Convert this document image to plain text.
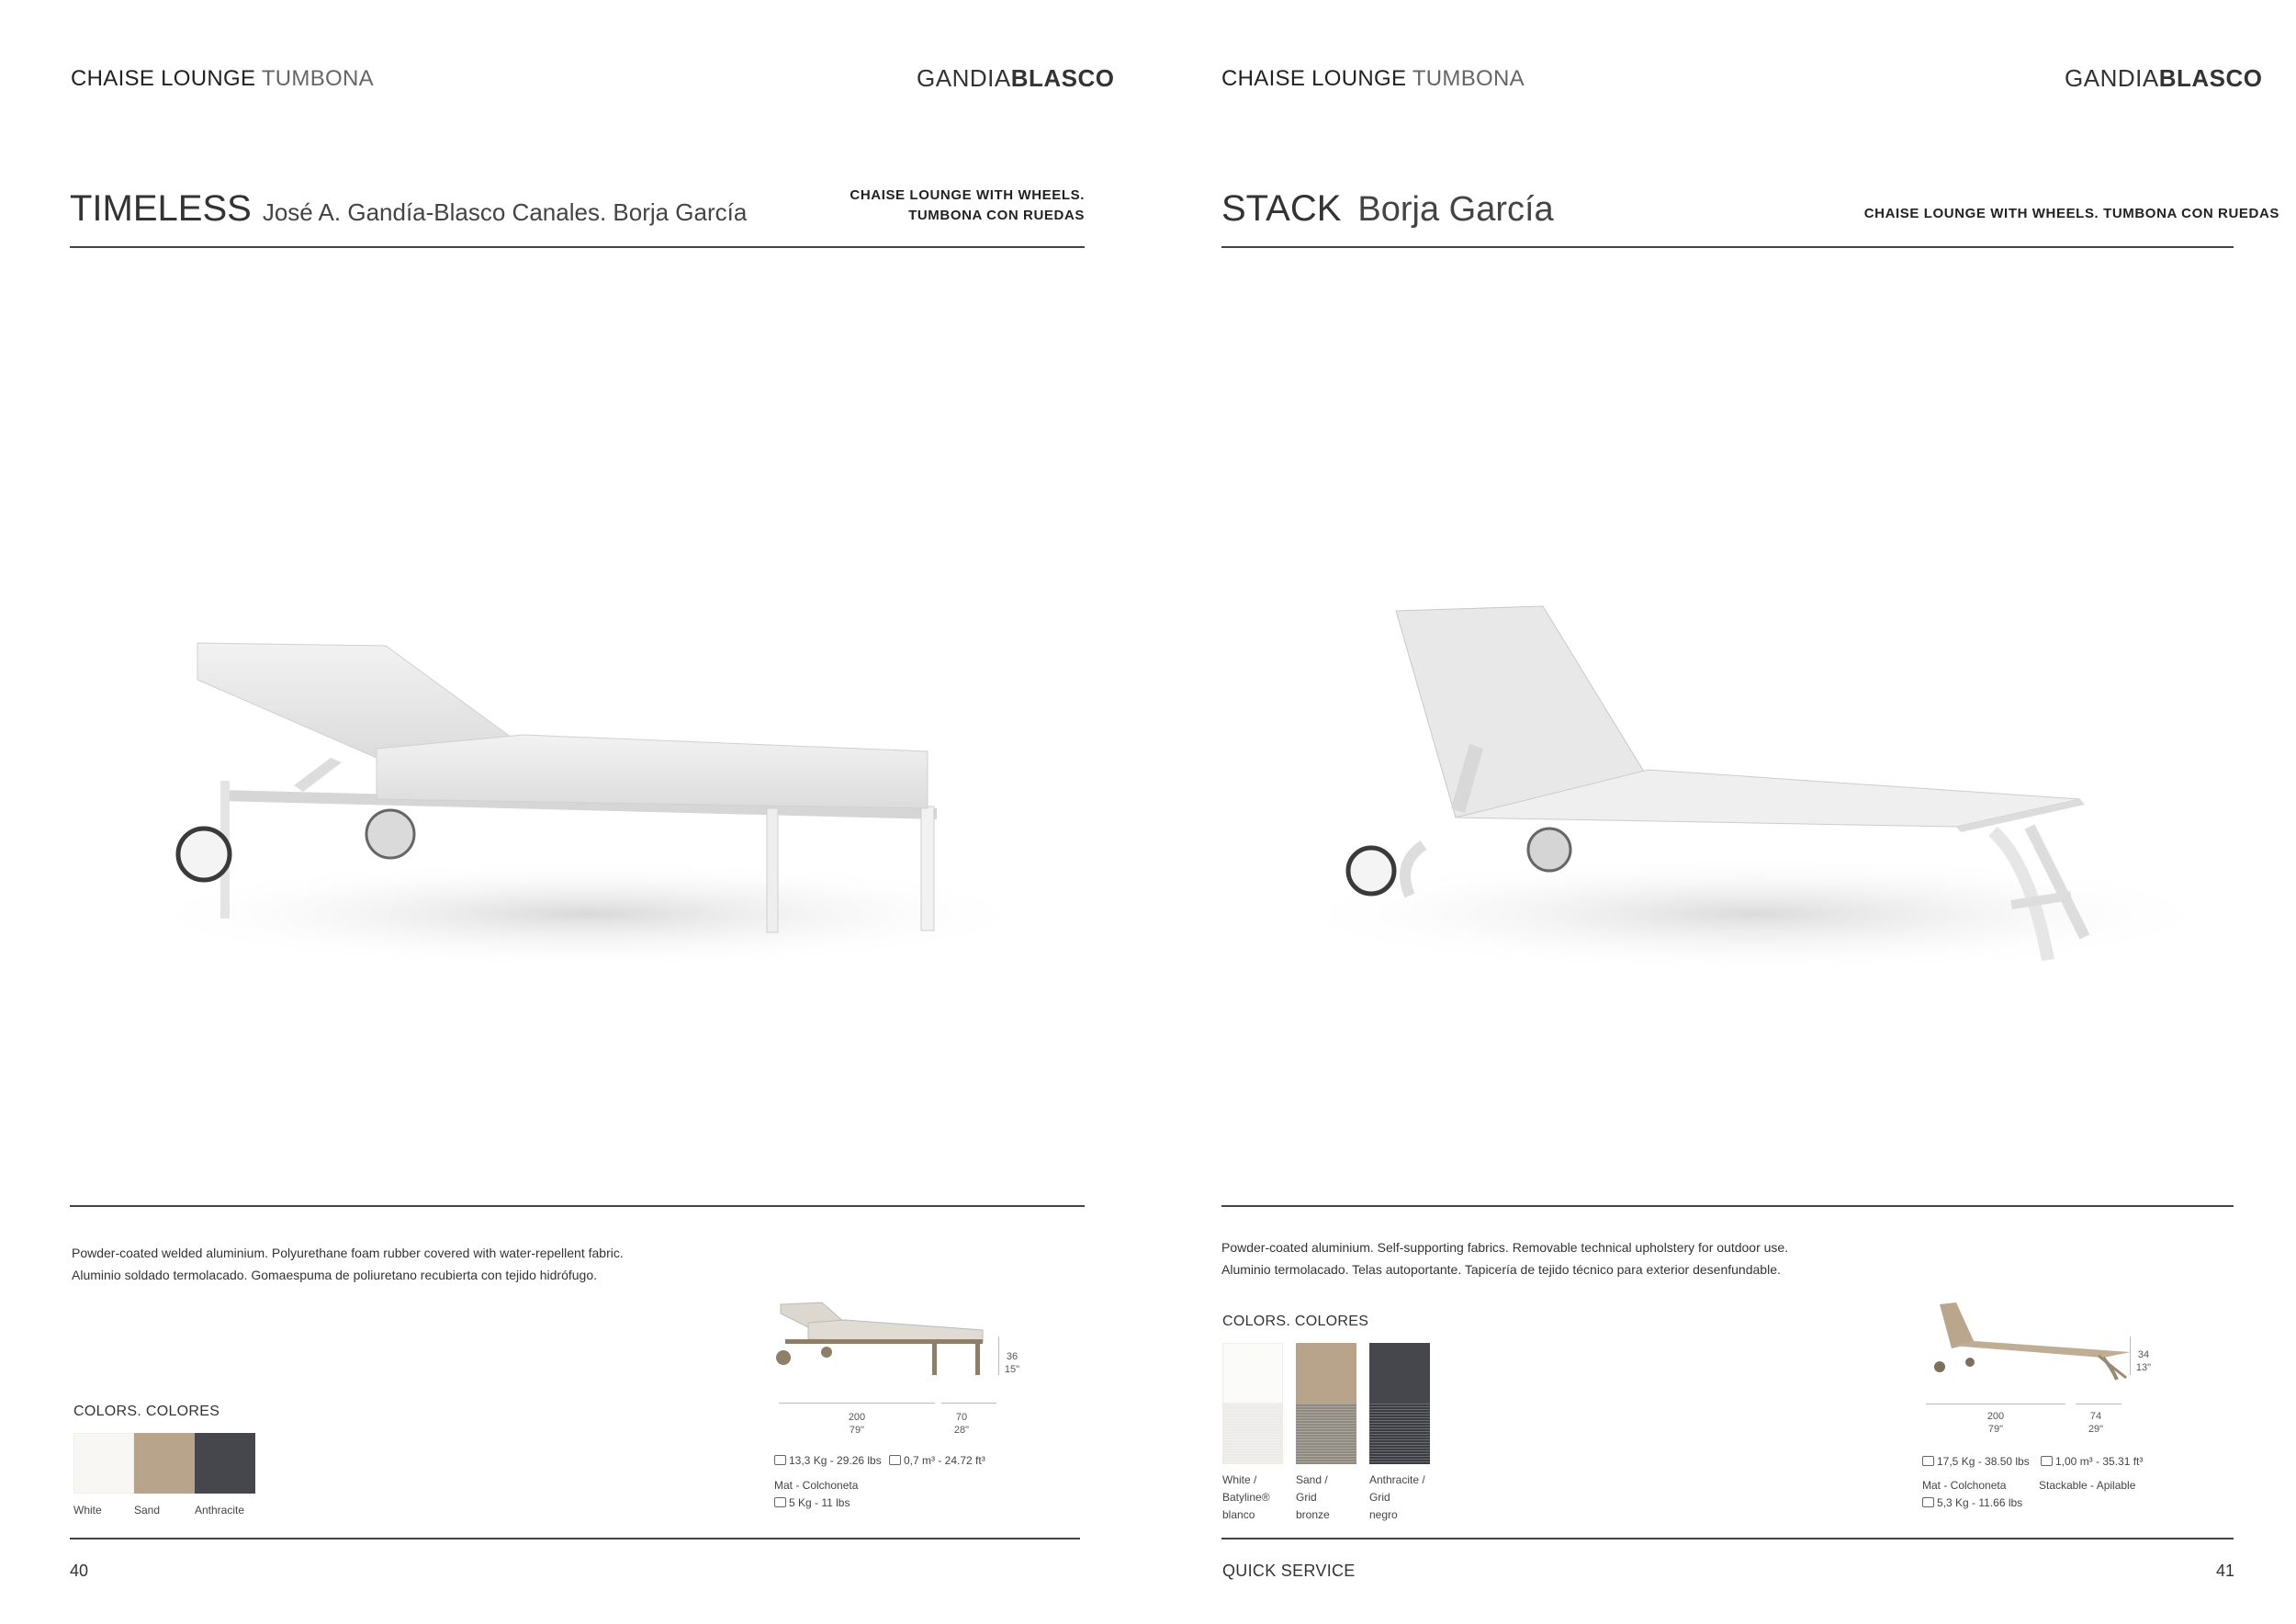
CHAISE LOUNGE TUMBONA	GANDIABLASCO
TIMELESS José A. Gandía-Blasco Canales. Borja García
CHAISE LOUNGE WITH WHEELS.
TUMBONA CON RUEDAS
Powder-coated welded aluminium. Polyurethane foam rubber covered with water-repellent fabric.
Aluminio soldado termolacado. Gomaespuma de poliuretano recubierta con tejido hidrófugo.
COLORS. COLORES
White	Sand	Anthracite
36
15"
200
79"
70
28"
13,3 Kg - 29.26 lbs	0,7 m³ - 24.72 ft³
Mat - Colchoneta
5 Kg - 11 lbs
40
CHAISE LOUNGE TUMBONA	GANDIABLASCO
STACK Borja García	CHAISE LOUNGE WITH WHEELS. TUMBONA CON RUEDAS
Powder-coated aluminium. Self-supporting fabrics. Removable technical upholstery for outdoor use.
Aluminio termolacado. Telas autoportante. Tapicería de tejido técnico para exterior desenfundable.
COLORS. COLORES
White /
Batyline®
blanco
Sand /
Grid
bronze
Anthracite /
Grid
negro
34
13"
200
79"
74
29"
17,5 Kg - 38.50 lbs	1,00 m³ - 35.31 ft³
Mat - Colchoneta	Stackable - Apilable
5,3 Kg - 11.66 lbs
QUICK SERVICE	41
